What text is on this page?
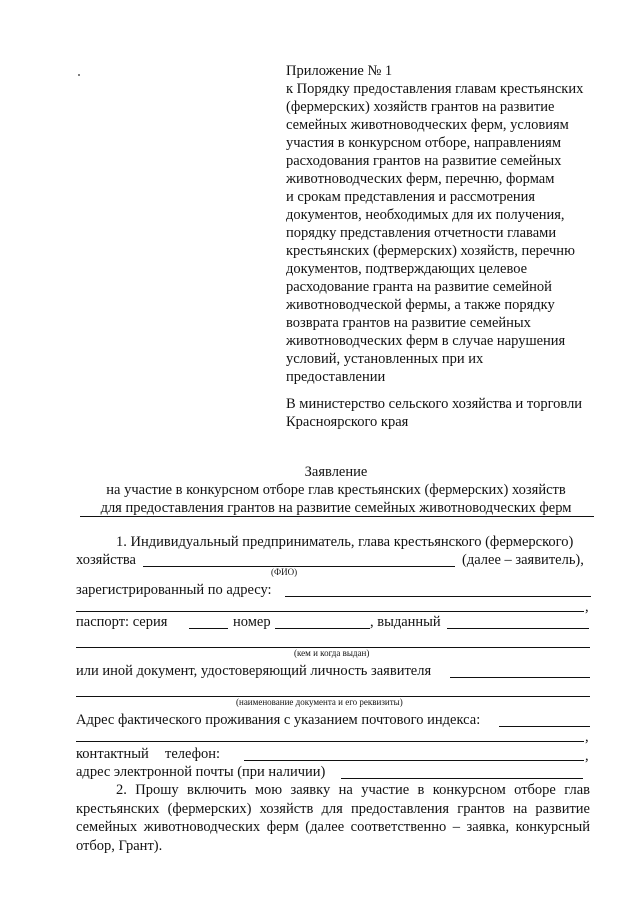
Приложение № 1
к Порядку предоставления главам крестьянских
(фермерских) хозяйств грантов на развитие
семейных животноводческих ферм, условиям
участия в конкурсном отборе, направлениям
расходования грантов на развитие семейных
животноводческих ферм, перечню, формам
и срокам представления и рассмотрения
документов, необходимых для их получения,
порядку представления отчетности главами
крестьянских (фермерских) хозяйств, перечню
документов, подтверждающих целевое
расходование гранта на развитие семейной
животноводческой фермы, а также порядку
возврата грантов на развитие семейных
животноводческих ферм в случае нарушения
условий, установленных при их
предоставлении
В министерство сельского хозяйства и торговли
Красноярского края
Заявление
на участие в конкурсном отборе глав крестьянских (фермерских) хозяйств
для предоставления грантов на развитие семейных животноводческих ферм
1. Индивидуальный предприниматель, глава крестьянского (фермерского)
хозяйства	(далее – заявитель),
(ФИО)
зарегистрированный по адресу:
,
паспорт: серия	номер	, выданный
(кем и когда выдан)
или иной документ, удостоверяющий личность заявителя
(наименование документа и его реквизиты)
Адрес фактического проживания с указанием почтового индекса:
,
контактный телефон:	,
адрес электронной почты (при наличии)
2. Прошу включить мою заявку на участие в конкурсном отборе глав крестьянских (фермерских) хозяйств для предоставления грантов на развитие семейных животноводческих ферм (далее соответственно – заявка, конкурсный отбор, Грант).
